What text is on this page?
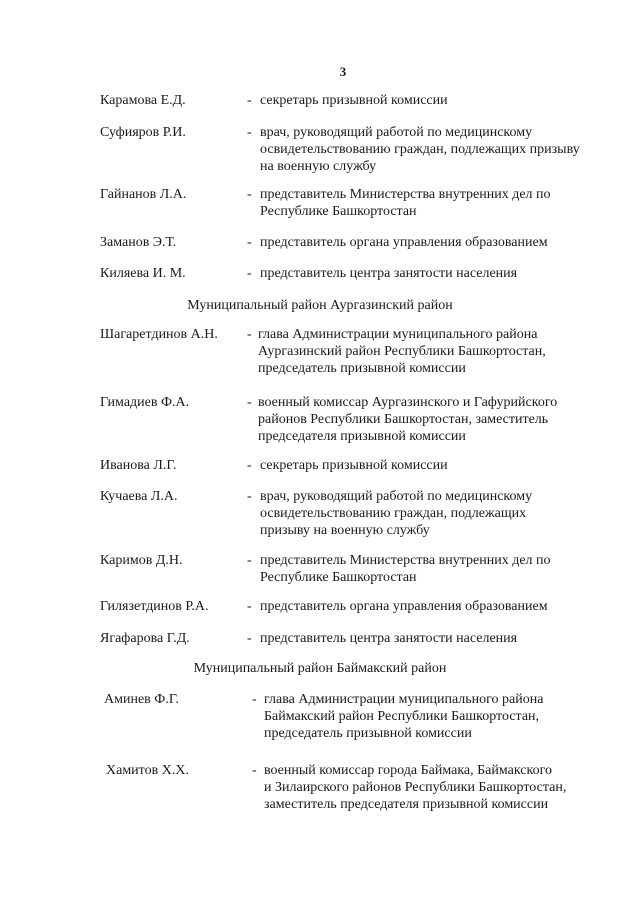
3
Карамова Е.Д.	- секретарь призывной комиссии
Суфияров Р.И.	- врач, руководящий работой по медицинскому
освидетельствованию граждан, подлежащих призыву
на военную службу
Гайнанов Л.А.	- представитель Министерства внутренних дел по
Республике Башкортостан
Заманов Э.Т.	- представитель органа управления образованием
Киляева И. М.	- представитель центра занятости населения
Муниципальный район Аургазинский район
Шагаретдинов А.Н. - глава Администрации муниципального района
Аургазинский район Республики Башкортостан,
председатель призывной комиссии
Гимадиев Ф.А.	- военный комиссар Аургазинского и Гафурийского
районов Республики Башкортостан, заместитель
председателя призывной комиссии
Иванова Л.Г.	- секретарь призывной комиссии
Кучаева Л.А.	- врач, руководящий работой по медицинскому
освидетельствованию граждан, подлежащих
призыву на военную службу
Каримов Д.Н.	- представитель Министерства внутренних дел по
Республике Башкортостан
Гилязетдинов Р.А.	- представитель органа управления образованием
Ягафарова Г.Д.	- представитель центра занятости населения
Муниципальный район Баймакский район
Аминев Ф.Г.	- глава Администрации муниципального района
Баймакский район Республики Башкортостан,
председатель призывной комиссии
Хамитов Х.Х.	- военный комиссар города Баймака, Баймакского
и Зилаирского районов Республики Башкортостан,
заместитель председателя призывной комиссии
